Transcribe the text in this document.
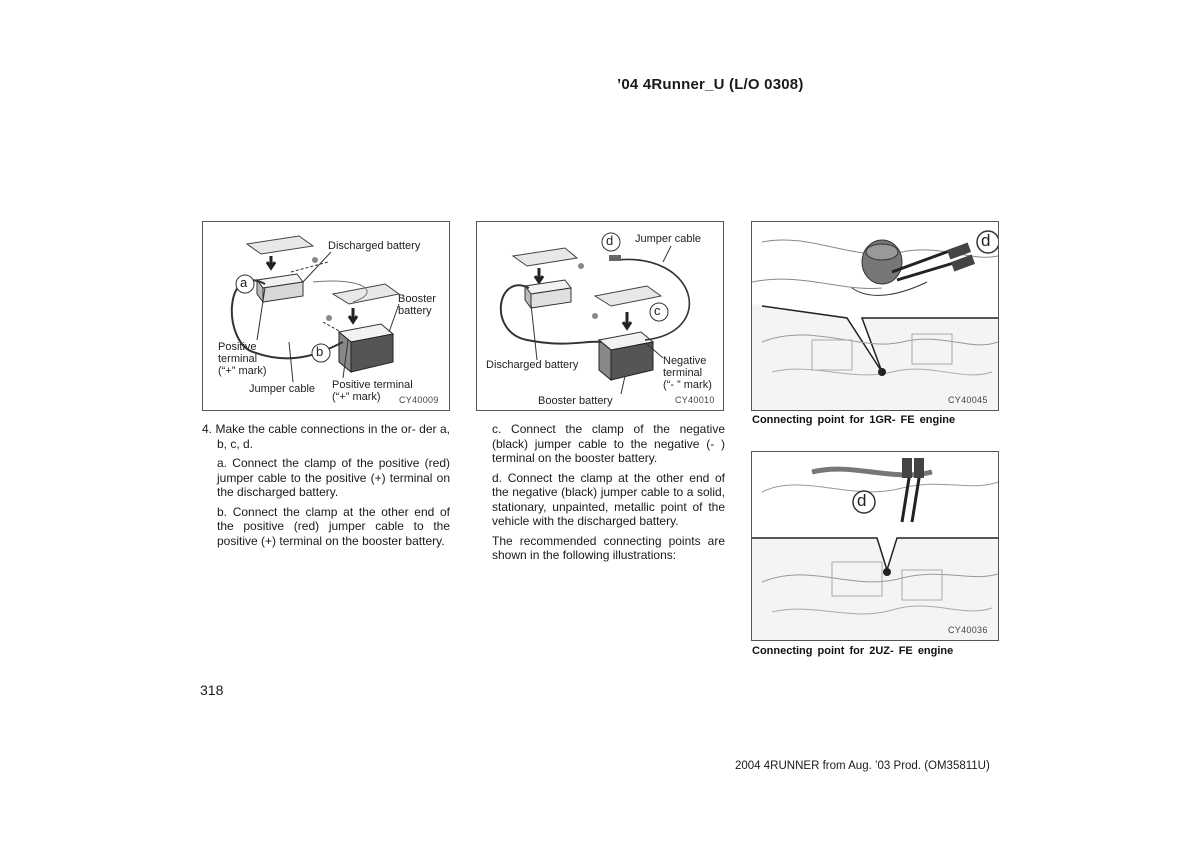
’04 4Runner_U (L/O 0308)
a
b
Discharged battery
Booster
battery
Positive
terminal
(“+” mark)
Jumper cable Positive terminal
(“+” mark)	CY40009
d
c
Jumper cable
Discharged battery	Negative
terminal
(“- ” mark)
Booster battery	CY40010
d
CY40045
Connecting point for 1GR- FE engine
d
CY40036
Connecting point for 2UZ- FE engine

4. Make the cable connections in the or- der a, b, c, d.

a. Connect the clamp of the positive (red) jumper cable to the positive (+) terminal on the discharged battery.

b. Connect the clamp at the other end of the positive (red) jumper cable to the positive (+) terminal on the booster battery.

c. Connect the clamp of the negative (black) jumper cable to the negative (- ) terminal on the booster battery.

d. Connect the clamp at the other end of the negative (black) jumper cable to a solid, stationary, unpainted, metallic point of the vehicle with the discharged battery.

The recommended connecting points are shown in the following illustrations:

318
2004 4RUNNER from Aug. ’03 Prod. (OM35811U)
